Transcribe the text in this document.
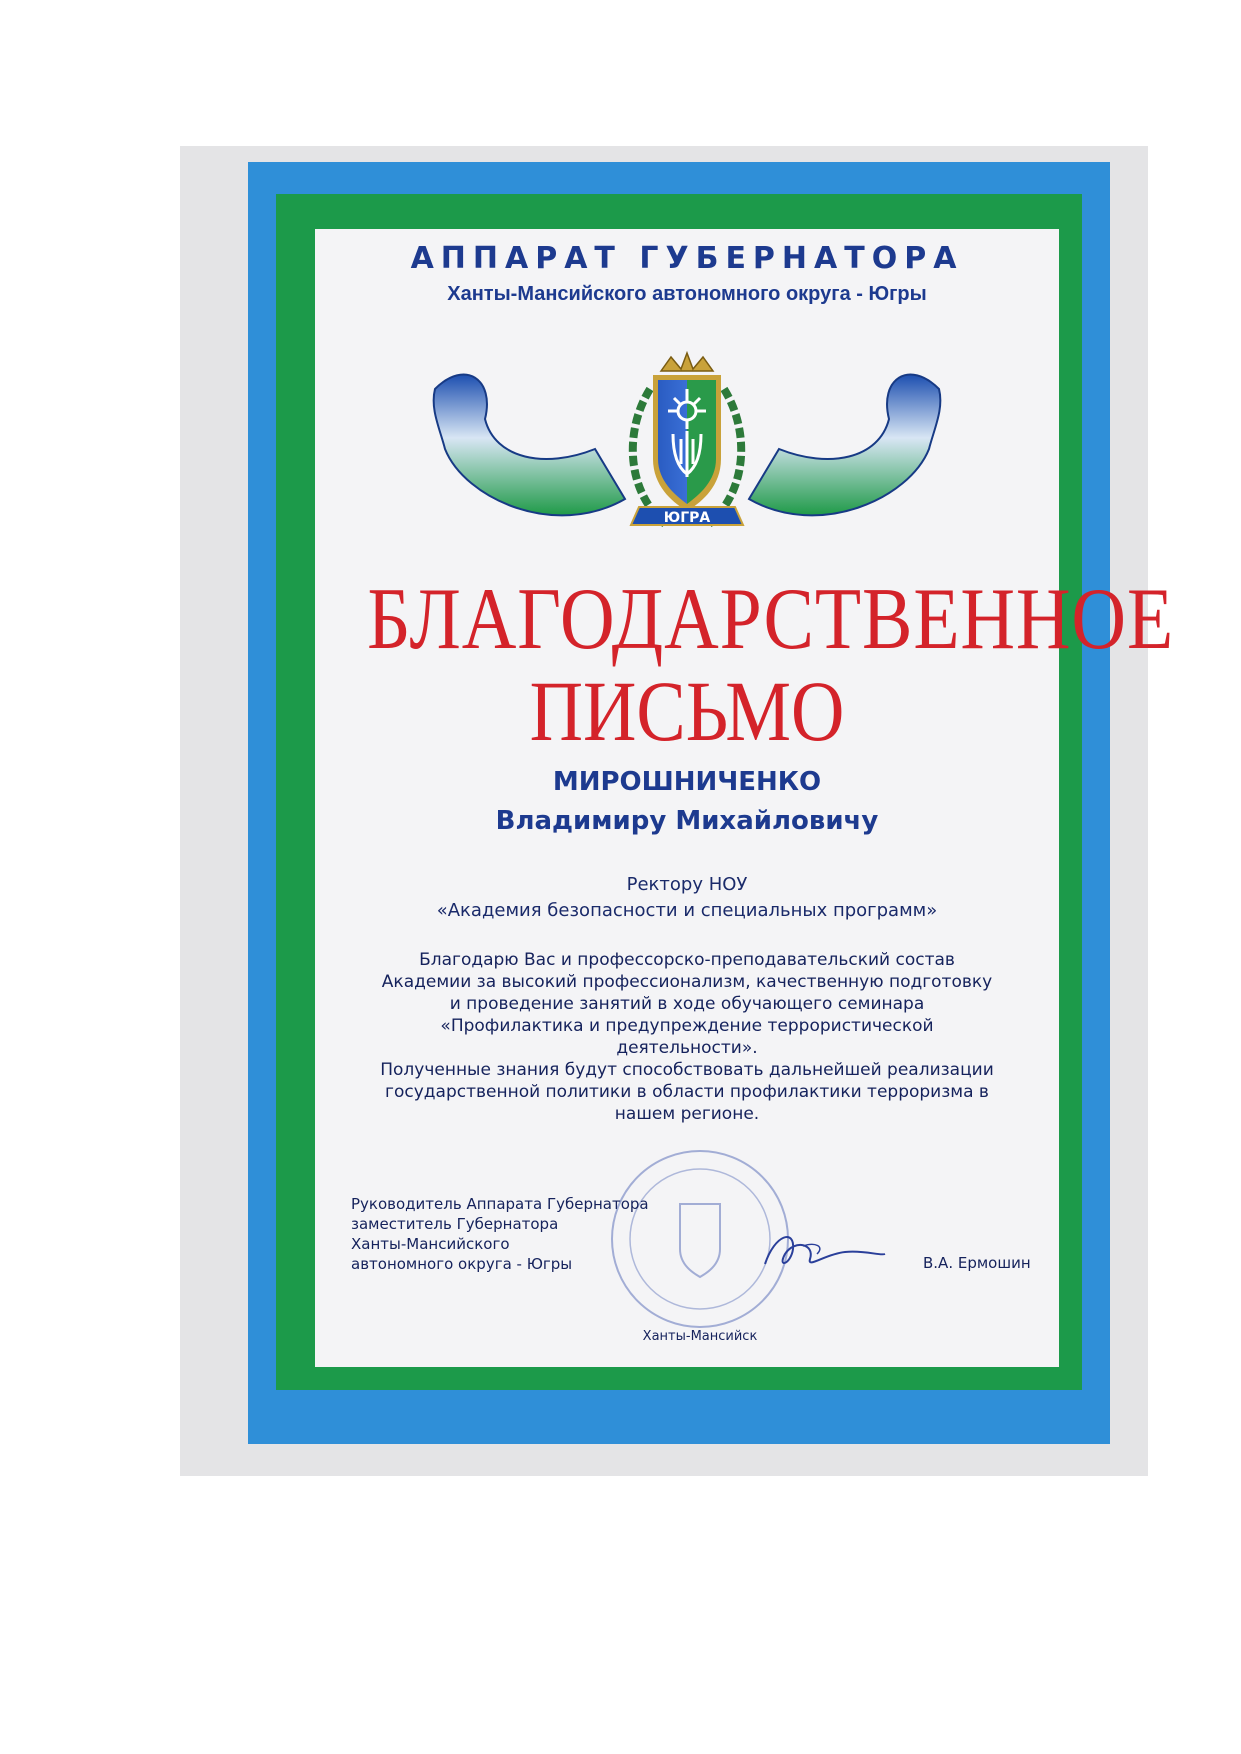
АППАРАТ ГУБЕРНАТОРА
Ханты-Мансийского автономного округа - Югры
ЮГРА
БЛАГОДАРСТВЕННОЕ
ПИСЬМО
МИРОШНИЧЕНКО
Владимиру Михайловичу
Ректору НОУ
«Академия безопасности и специальных программ»
Благодарю Вас и профессорско-преподавательский состав
Академии за высокий профессионализм, качественную подготовку
и проведение занятий в ходе обучающего семинара
«Профилактика и предупреждение террористической
деятельности».
Полученные знания будут способствовать дальнейшей реализации
государственной политики в области профилактики терроризма в
нашем регионе.
Ханты-Мансийск
Руководитель Аппарата Губернатора
заместитель Губернатора
Ханты-Мансийского
автономного округа - Югры	В.А. Ермошин
